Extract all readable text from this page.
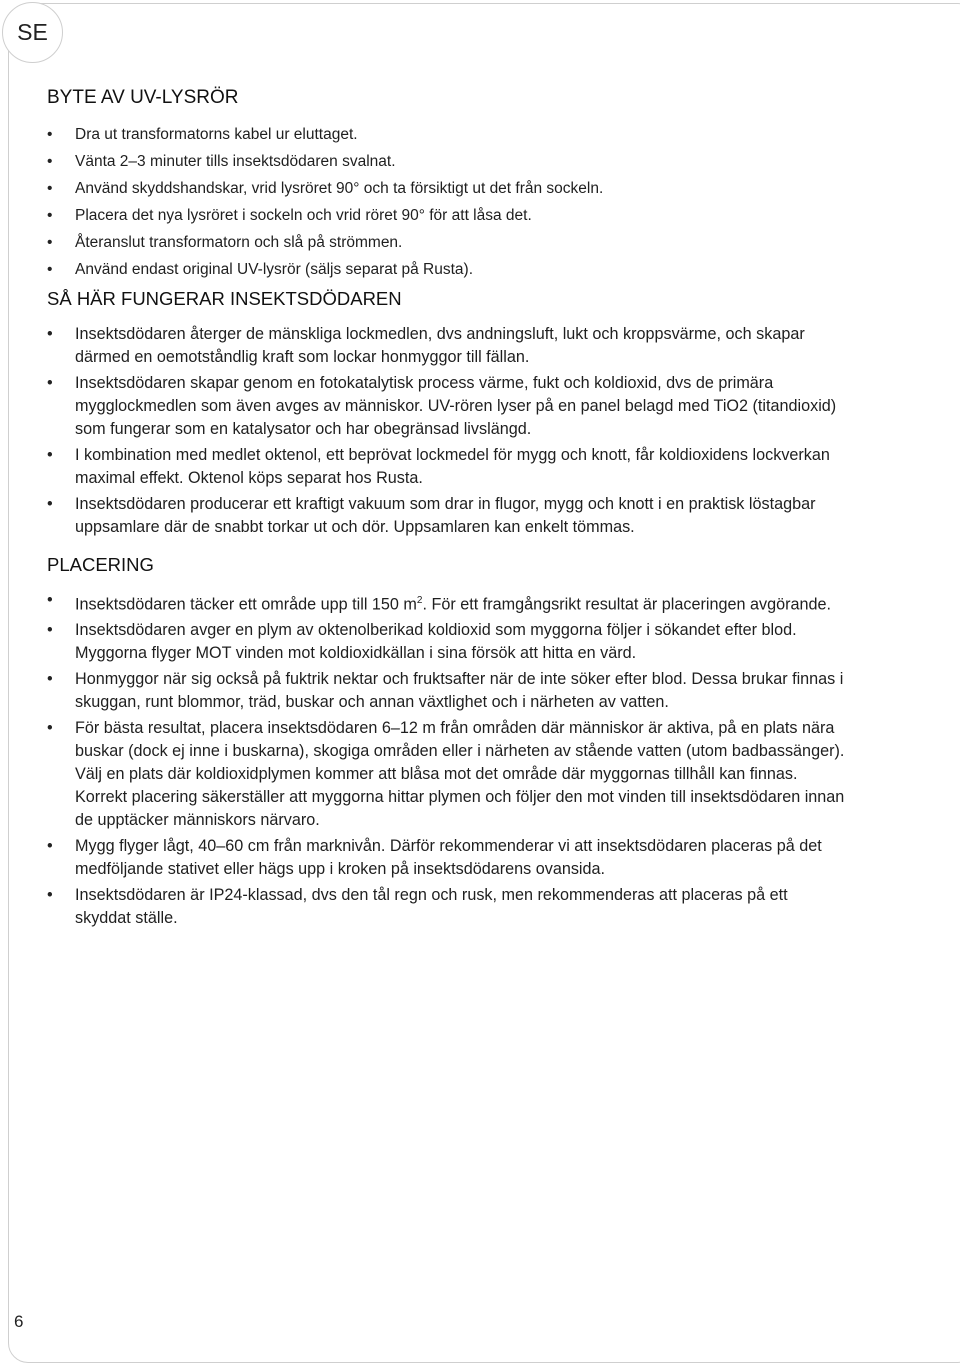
SE
BYTE AV UV-LYSRÖR
• Dra ut transformatorns kabel ur eluttaget.
• Vänta 2–3 minuter tills insektsdödaren svalnat.
• Använd skyddshandskar, vrid lysröret 90° och ta försiktigt ut det från sockeln.
• Placera det nya lysröret i sockeln och vrid röret 90° för att låsa det.
• Återanslut transformatorn och slå på strömmen.
• Använd endast original UV-lysrör (säljs separat på Rusta).
SÅ HÄR FUNGERAR INSEKTSDÖDAREN
• Insektsdödaren återger de mänskliga lockmedlen, dvs andningsluft, lukt och kroppsvärme, och skapar därmed en oemotståndlig kraft som lockar honmyggor till fällan.
• Insektsdödaren skapar genom en fotokatalytisk process värme, fukt och koldioxid, dvs de primära mygglockmedlen som även avges av människor. UV-rören lyser på en panel belagd med TiO2 (titandioxid) som fungerar som en katalysator och har obegränsad livslängd.
• I kombination med medlet oktenol, ett beprövat lockmedel för mygg och knott, får koldioxidens lockverkan maximal effekt. Oktenol köps separat hos Rusta.
• Insektsdödaren producerar ett kraftigt vakuum som drar in flugor, mygg och knott i en praktisk löstagbar uppsamlare där de snabbt torkar ut och dör. Uppsamlaren kan enkelt tömmas.
PLACERING
• Insektsdödaren täcker ett område upp till 150 $m^2$. För ett framgångsrikt resultat är placeringen avgörande.
• Insektsdödaren avger en plym av oktenolberikad koldioxid som myggorna följer i sökandet efter blod. Myggorna flyger MOT vinden mot koldioxidkällan i sina försök att hitta en värd.
• Honmyggor när sig också på fuktrik nektar och fruktsafter när de inte söker efter blod. Dessa brukar finnas i skuggan, runt blommor, träd, buskar och annan växtlighet och i närheten av vatten.
• För bästa resultat, placera insektsdödaren 6–12 m från områden där människor är aktiva, på en plats nära buskar (dock ej inne i buskarna), skogiga områden eller i närheten av stående vatten (utom badbassänger). Välj en plats där koldioxidplymen kommer att blåsa mot det område där myggornas tillhåll kan finnas. Korrekt placering säkerställer att myggorna hittar plymen och följer den mot vinden till insektsdödaren innan de upptäcker människors närvaro.
• Mygg flyger lågt, 40–60 cm från marknivån. Därför rekommenderar vi att insektsdödaren placeras på det medföljande stativet eller hägs upp i kroken på insektsdödarens ovansida.
• Insektsdödaren är IP24-klassad, dvs den tål regn och rusk, men rekommenderas att placeras på ett skyddat ställe.
6
